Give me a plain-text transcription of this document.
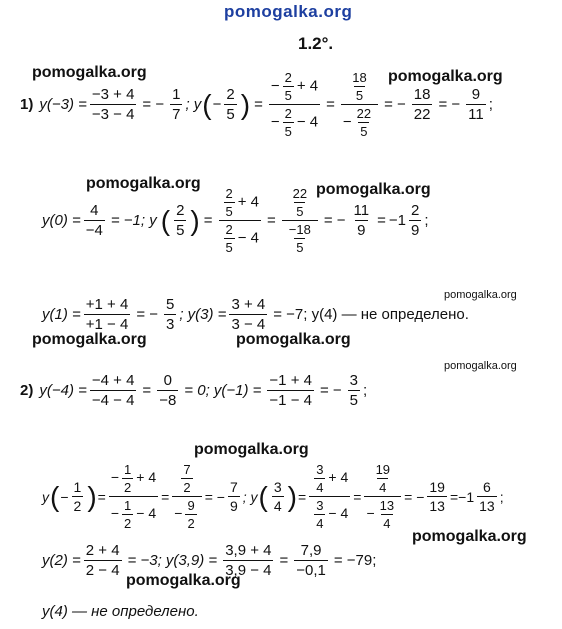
pomogalka.org
pomogalka.org	pomogalka.org
pomogalka.org	pomogalka.org
pomogalka.org
pomogalka.org	pomogalka.org
pomogalka.org
pomogalka.org
pomogalka.org
pomogalka.org
1.2°.
1) $y(-3) = \frac{-3 + 4}{-3 - 4}$ = − $\frac{1}{7}$ ; y ( − $\frac{2}{5}$ ) = $\frac{- \frac{2}{5} + 4}{- \frac{2}{5} - 4} = \frac{\frac{18}{5}}{- \frac{22}{5}}$ = − $\frac{18}{22}$ = − $\frac{9}{11}$ ;
$y(0) = \frac{4}{-4} = -1$; y ( $\frac{2}{5}$ ) = $\frac{\frac{2}{5} + 4}{\frac{2}{5} - 4} = \frac{\frac{22}{5}}{\frac{-18}{5}}$ = − $\frac{11}{9} = -1 \frac{2}{9}$ ;
$y(1) = \frac{+1 + 4}{+1 - 4}$ = − $\frac{5}{3}$ ; $y(3) = \frac{3 + 4}{3 - 4} = -7$; y(4) — не определено.
2) $y(-4) = \frac{-4 + 4}{-4 - 4} = \frac{0}{-8} = 0$; $y(-1) = \frac{-1 + 4}{-1 - 4}$ = − $\frac{3}{5}$ ;
y ( − $\frac{1}{2}$ ) = $\frac{- \frac{1}{2} + 4}{- \frac{1}{2} - 4} = \frac{\frac{7}{2}}{- \frac{9}{2}}$ = − $\frac{7}{9}$ ; y ( $\frac{3}{4}$ ) = $\frac{\frac{3}{4} + 4}{\frac{3}{4} - 4} = \frac{\frac{19}{4}}{- \frac{13}{4}}$ = − $\frac{19}{13} = -1 \frac{6}{13}$ ;
$y(2) = \frac{2 + 4}{2 - 4} = -3$; $y(3,9) = \frac{3,9 + 4}{3,9 - 4} = \frac{7,9}{-0,1} = -79$;
y(4) — не определено.
